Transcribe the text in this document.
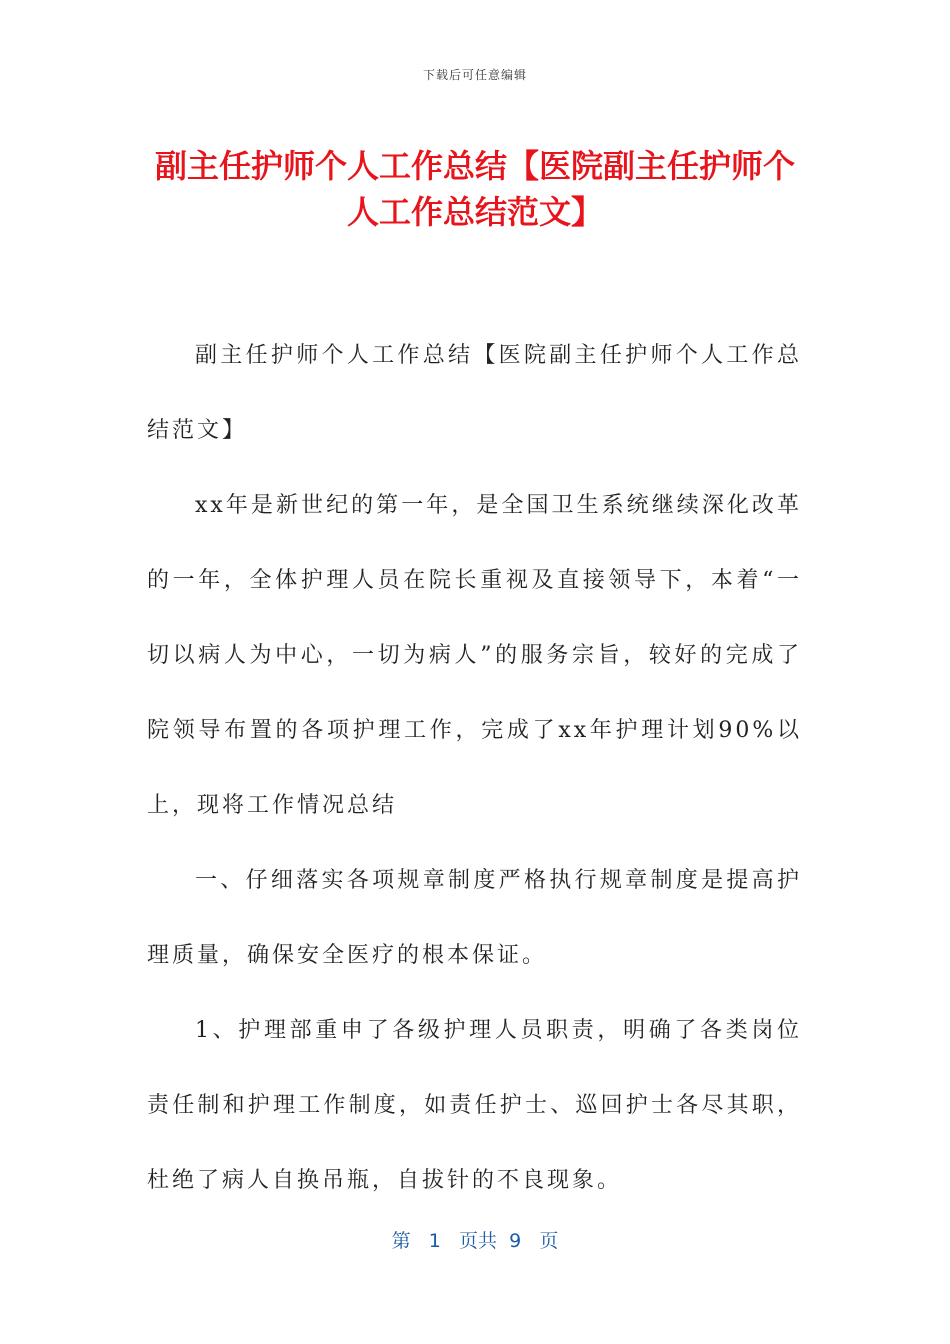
下载后可任意编辑
副主任护师个人工作总结【医院副主任护师个人工作总结范文】

副主任护师个人工作总结【医院副主任护师个人工作总结范文】

xx年是新世纪的第一年，是全国卫生系统继续深化改革的一年，全体护理人员在院长重视及直接领导下，本着“一切以病人为中心，一切为病人”的服务宗旨，较好的完成了院领导布置的各项护理工作，完成了xx年护理计划90%以上，现将工作情况总结

一、仔细落实各项规章制度严格执行规章制度是提高护理质量，确保安全医疗的根本保证。

1、护理部重申了各级护理人员职责，明确了各类岗位责任制和护理工作制度，如责任护士、巡回护士各尽其职，杜绝了病人自换吊瓶，自拔针的不良现象。

第 1 页共 9 页
